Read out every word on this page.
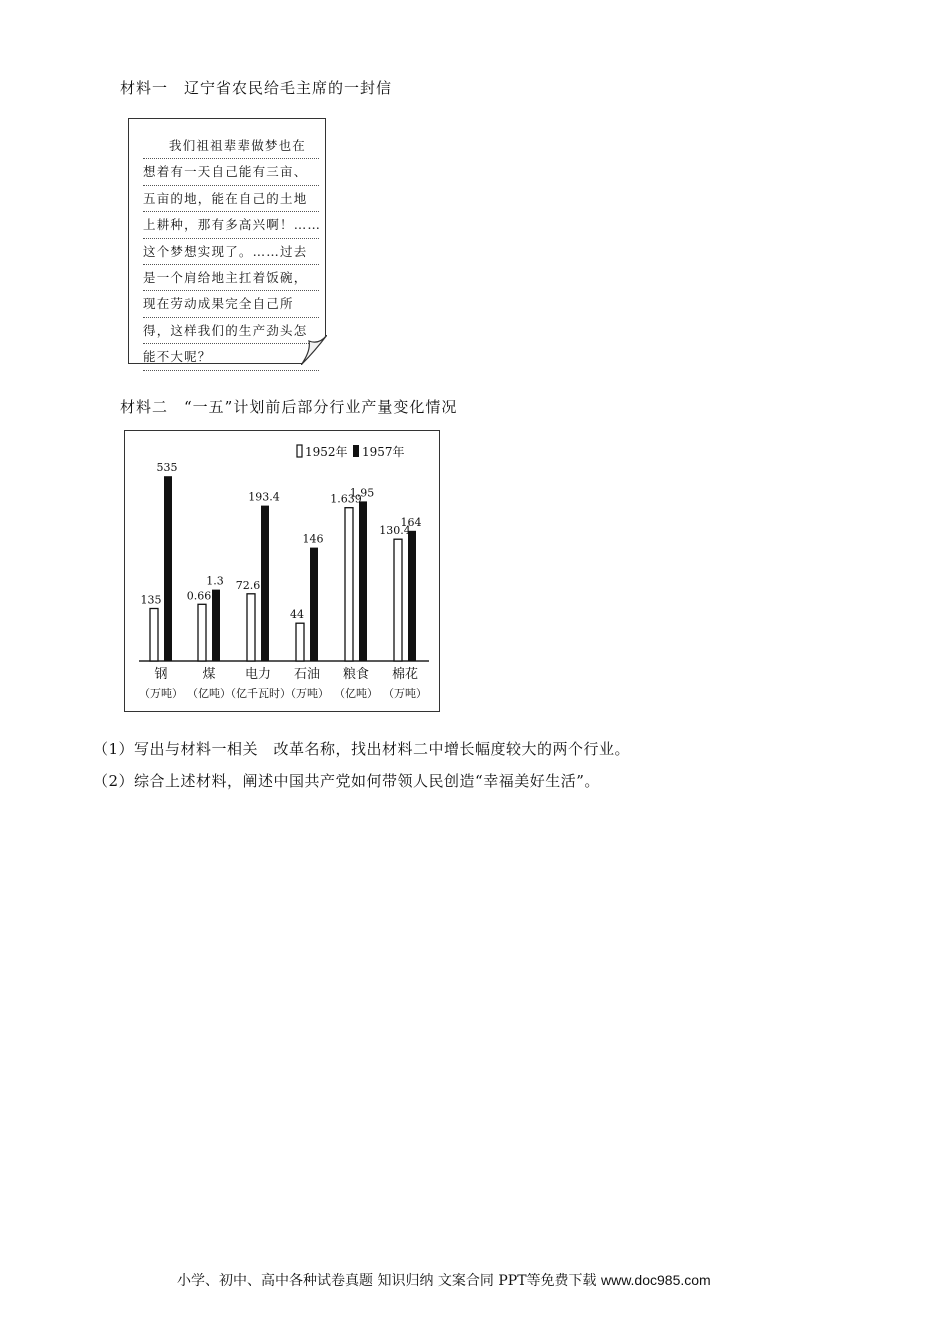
材料一　辽宁省农民给毛主席的一封信
我们祖祖辈辈做梦也在
想着有一天自己能有三亩、
五亩的地，能在自己的土地
上耕种，那有多高兴啊！……
这个梦想实现了。……过去
是一个肩给地主扛着饭碗，
现在劳动成果完全自己所
得，这样我们的生产劲头怎
能不大呢？
材料二　“一五”计划前后部分行业产量变化情况
135
535
钢
（万吨）
0.66
1.3
煤
（亿吨）
72.6
193.4
电力
（亿千瓦时）
44
146
石油
（万吨）
1.639
1.95
粮食
（亿吨）
130.4
164
棉花
（万吨）
1952年 1957年
（1）写出与材料一相关　改革名称，找出材料二中增长幅度较大的两个行业。
（2）综合上述材料，阐述中国共产党如何带领人民创造“幸福美好生活”。
小学、初中、高中各种试卷真题 知识归纳 文案合同 PPT等免费下载 www.doc985.com
